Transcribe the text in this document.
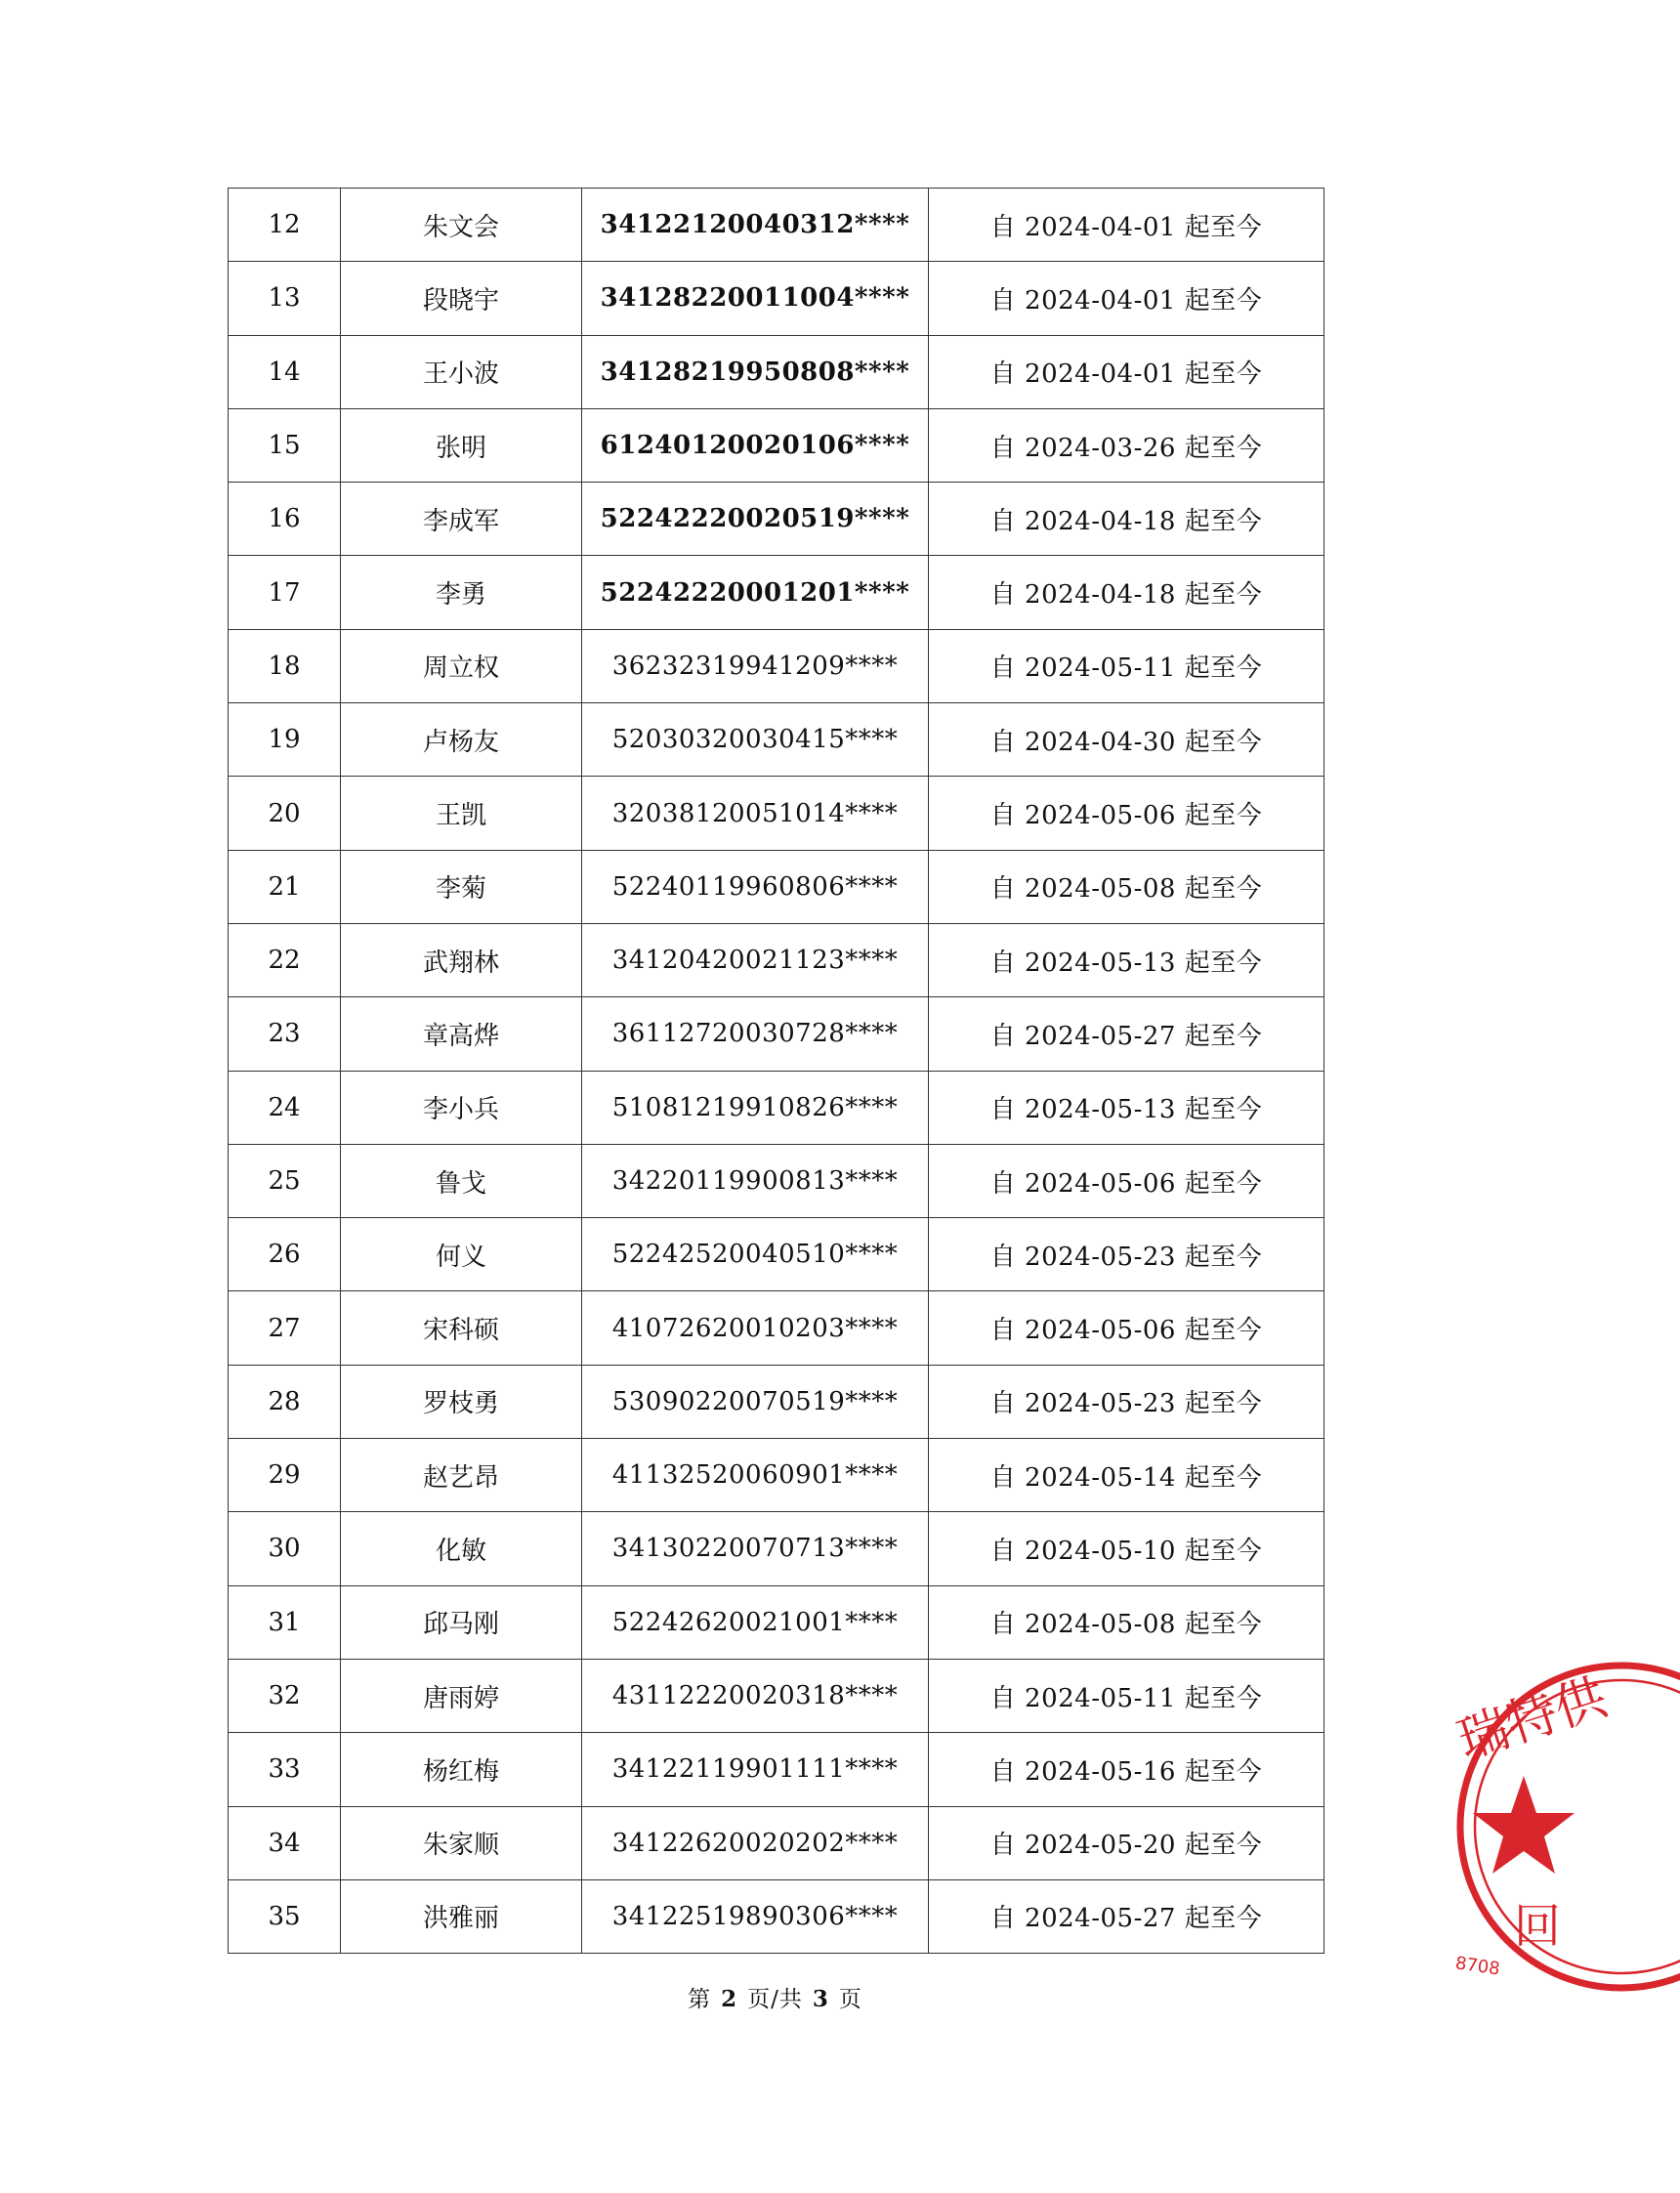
12	朱文会	34122120040312****	自 2024-04-01 起至今
13	段晓宇	34128220011004****	自 2024-04-01 起至今
14	王小波	34128219950808****	自 2024-04-01 起至今
15	张明	61240120020106****	自 2024-03-26 起至今
16	李成军	52242220020519****	自 2024-04-18 起至今
17	李勇	52242220001201****	自 2024-04-18 起至今
18	周立权	36232319941209****	自 2024-05-11 起至今
19	卢杨友	52030320030415****	自 2024-04-30 起至今
20	王凯	32038120051014****	自 2024-05-06 起至今
21	李菊	52240119960806****	自 2024-05-08 起至今
22	武翔林	34120420021123****	自 2024-05-13 起至今
23	章高烨	36112720030728****	自 2024-05-27 起至今
24	李小兵	51081219910826****	自 2024-05-13 起至今
25	鲁戈	34220119900813****	自 2024-05-06 起至今
26	何义	52242520040510****	自 2024-05-23 起至今
27	宋科硕	41072620010203****	自 2024-05-06 起至今
28	罗枝勇	53090220070519****	自 2024-05-23 起至今
29	赵艺昂	41132520060901****	自 2024-05-14 起至今
30	化敏	34130220070713****	自 2024-05-10 起至今
31	邱马刚	52242620021001****	自 2024-05-08 起至今
32	唐雨婷	43112220020318****	自 2024-05-11 起至今
33	杨红梅	34122119901111****	自 2024-05-16 起至今
34	朱家顺	34122620020202****	自 2024-05-20 起至今
35	洪雅丽	34122519890306****	自 2024-05-27 起至今
第 2 页/共 3 页
瑞特供
回
8708
